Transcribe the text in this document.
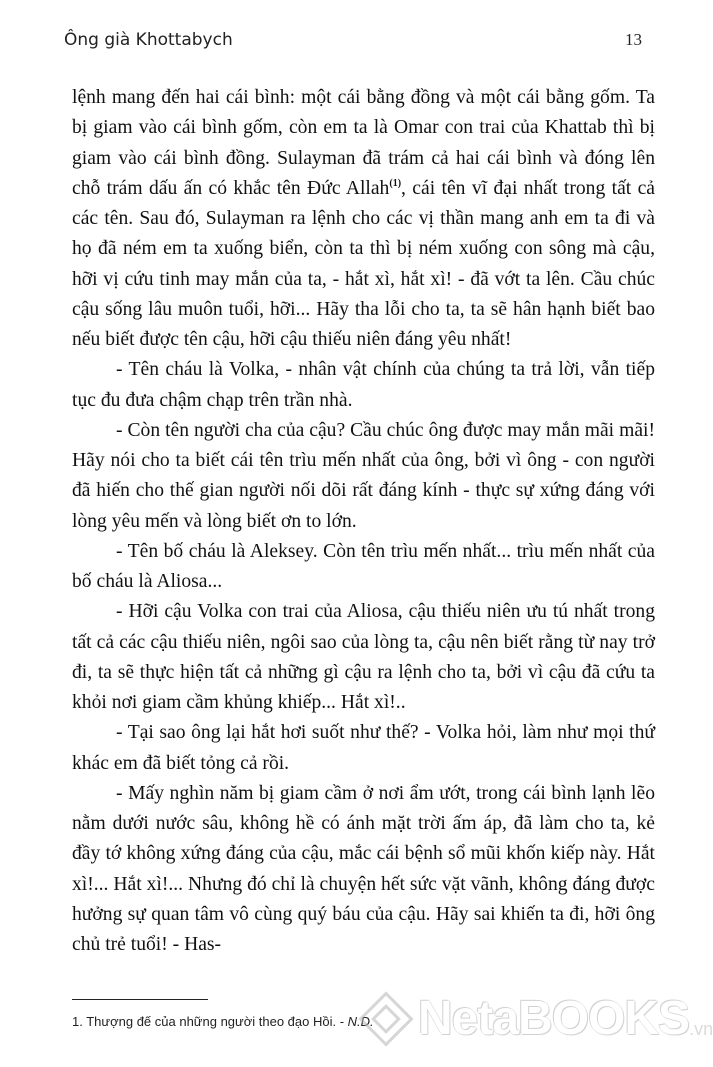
Ông già Khottabych	13

lệnh mang đến hai cái bình: một cái bằng đồng và một cái bằng gốm. Ta bị giam vào cái bình gốm, còn em ta là Omar con trai của Khattab thì bị giam vào cái bình đồng. Sulayman đã trám cả hai cái bình và đóng lên chỗ trám dấu ấn có khắc tên Đức Allah$^{(1)}$, cái tên vĩ đại nhất trong tất cả các tên. Sau đó, Sulayman ra lệnh cho các vị thần mang anh em ta đi và họ đã ném em ta xuống biển, còn ta thì bị ném xuống con sông mà cậu, hỡi vị cứu tinh may mắn của ta, - hắt xì, hắt xì! - đã vớt ta lên. Cầu chúc cậu sống lâu muôn tuổi, hỡi... Hãy tha lỗi cho ta, ta sẽ hân hạnh biết bao nếu biết được tên cậu, hỡi cậu thiếu niên đáng yêu nhất!

- Tên cháu là Volka, - nhân vật chính của chúng ta trả lời, vẫn tiếp tục đu đưa chậm chạp trên trần nhà.

- Còn tên người cha của cậu? Cầu chúc ông được may mắn mãi mãi! Hãy nói cho ta biết cái tên trìu mến nhất của ông, bởi vì ông - con người đã hiến cho thế gian người nối dõi rất đáng kính - thực sự xứng đáng với lòng yêu mến và lòng biết ơn to lớn.

- Tên bố cháu là Aleksey. Còn tên trìu mến nhất... trìu mến nhất của bố cháu là Aliosa...

- Hỡi cậu Volka con trai của Aliosa, cậu thiếu niên ưu tú nhất trong tất cả các cậu thiếu niên, ngôi sao của lòng ta, cậu nên biết rằng từ nay trở đi, ta sẽ thực hiện tất cả những gì cậu ra lệnh cho ta, bởi vì cậu đã cứu ta khỏi nơi giam cầm khủng khiếp... Hắt xì!..

- Tại sao ông lại hắt hơi suốt như thế? - Volka hỏi, làm như mọi thứ khác em đã biết tỏng cả rồi.

- Mấy nghìn năm bị giam cầm ở nơi ẩm ướt, trong cái bình lạnh lẽo nằm dưới nước sâu, không hề có ánh mặt trời ấm áp, đã làm cho ta, kẻ đầy tớ không xứng đáng của cậu, mắc cái bệnh sổ mũi khốn kiếp này. Hắt xì!... Hắt xì!... Nhưng đó chỉ là chuyện hết sức vặt vãnh, không đáng được hưởng sự quan tâm vô cùng quý báu của cậu. Hãy sai khiến ta đi, hỡi ông chủ trẻ tuổi! - Has-

1. Thượng đế của những người theo đạo Hồi. - N.D. NetaBOOKS .vn
